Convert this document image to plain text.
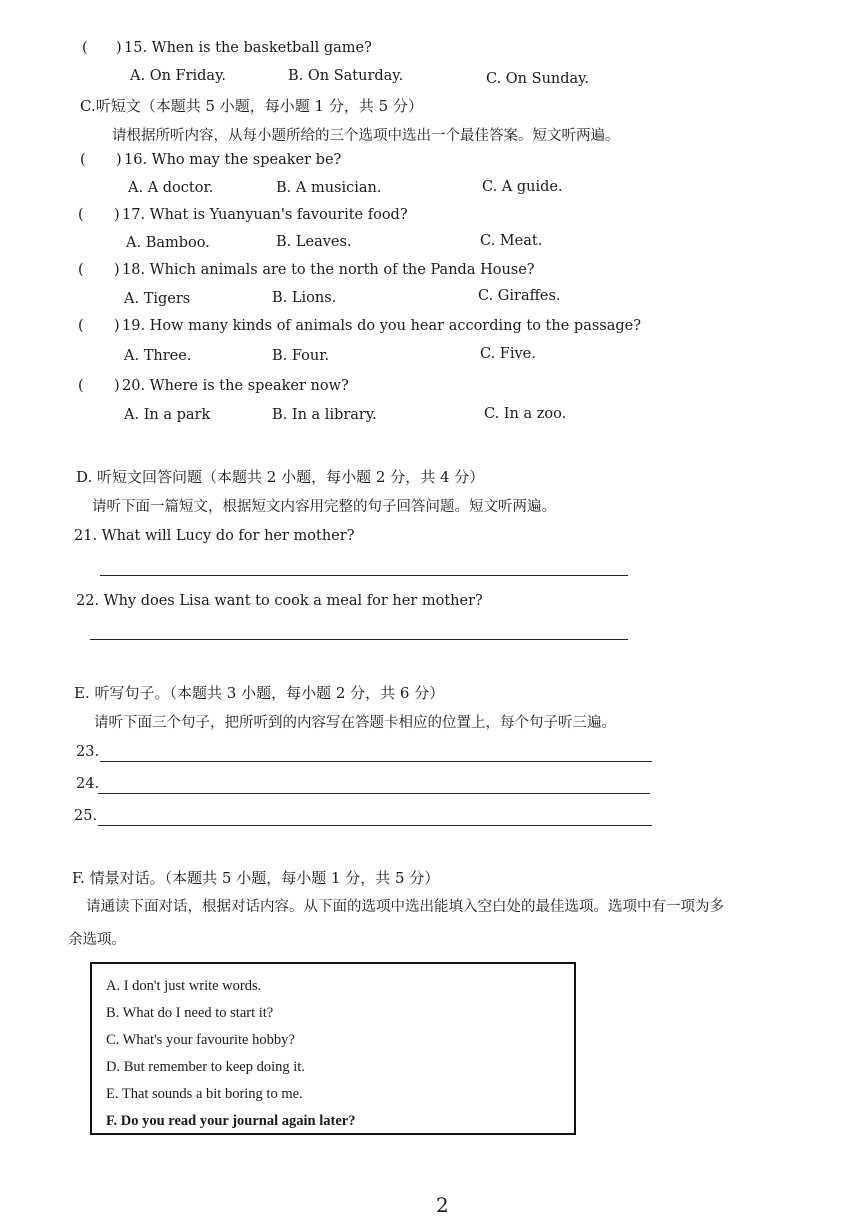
( ) 15. When is the basketball game?
A. On Friday.	B. On Saturday.	C. On Sunday.
C.听短文（本题共 5 小题，每小题 1 分，共 5 分）
请根据所听内容，从每小题所给的三个选项中选出一个最佳答案。短文听两遍。
( ) 16. Who may the speaker be?
A. A doctor.	B. A musician.	C. A guide.
( ) 17. What is Yuanyuan's favourite food?
A. Bamboo.	B. Leaves.	C. Meat.
( ) 18. Which animals are to the north of the Panda House?
A. Tigers	B. Lions.	C. Giraffes.
( ) 19. How many kinds of animals do you hear according to the passage?
A. Three.	B. Four.	C. Five.
( ) 20. Where is the speaker now?
A. In a park	B. In a library.	C. In a zoo.
D. 听短文回答问题（本题共 2 小题，每小题 2 分，共 4 分）
请听下面一篇短文，根据短文内容用完整的句子回答问题。短文听两遍。
21. What will Lucy do for her mother?
22. Why does Lisa want to cook a meal for her mother?
E. 听写句子。（本题共 3 小题，每小题 2 分，共 6 分）
请听下面三个句子，把所听到的内容写在答题卡相应的位置上，每个句子听三遍。
23.
24.
25.
F. 情景对话。（本题共 5 小题，每小题 1 分，共 5 分）
请通读下面对话，根据对话内容。从下面的选项中选出能填入空白处的最佳选项。选项中有一项为多
余选项。
A. I don't just write words.
B. What do I need to start it?
C. What's your favourite hobby?
D. But remember to keep doing it.
E. That sounds a bit boring to me.
F. Do you read your journal again later?
2
